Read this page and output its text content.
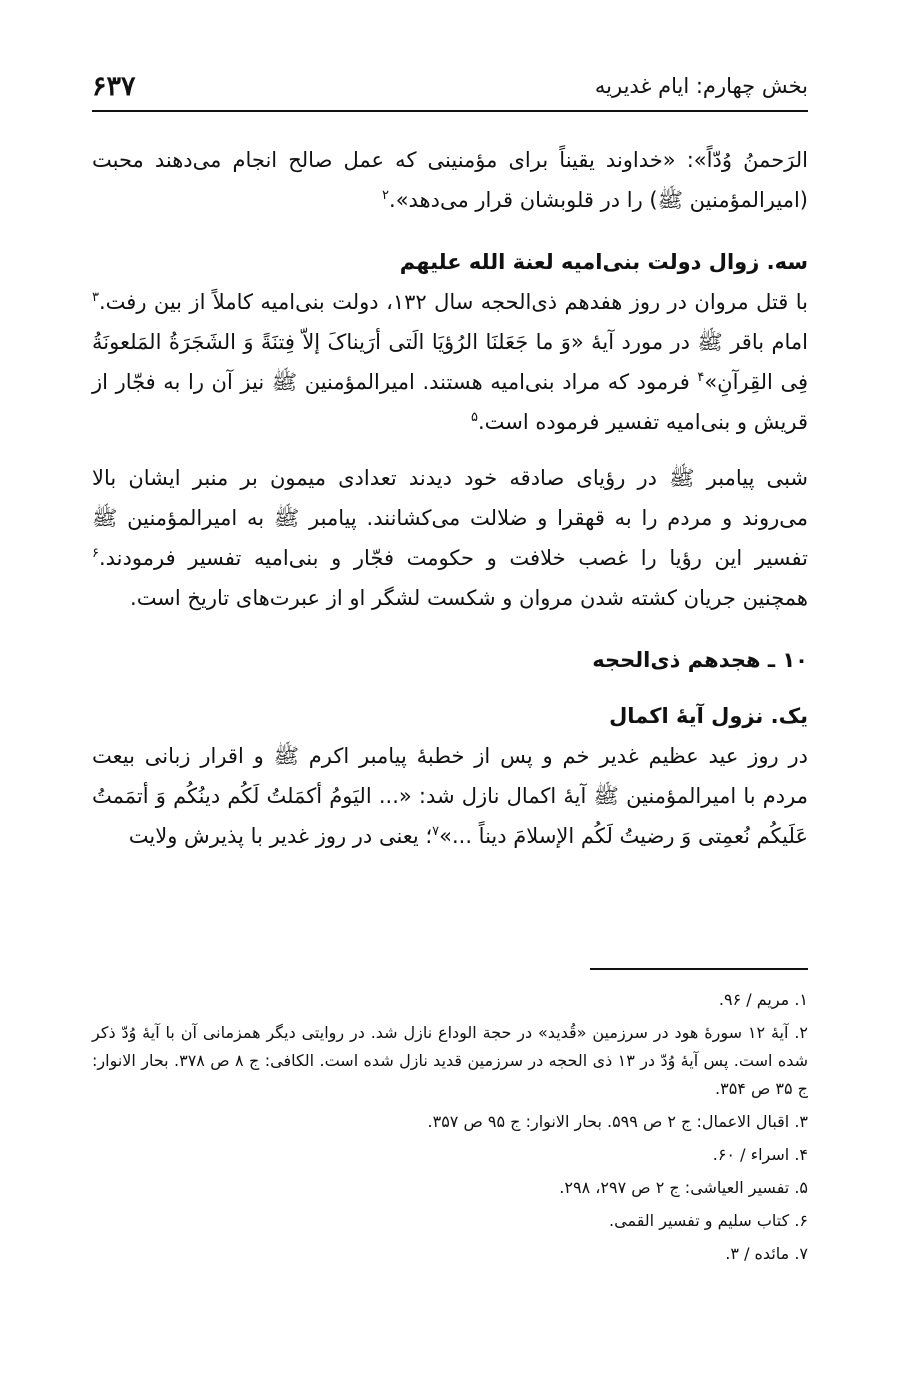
بخش چهارم: ایام غدیریه
۶۳۷

الرَحمنُ وُدّاً»: «خداوند یقیناً برای مؤمنینی که عمل صالح انجام می‌دهند محبت (امیرالمؤمنین ﷺ) را در قلوبشان قرار می‌دهد».$^۲$

سه. زوال دولت بنی‌امیه لعنة الله علیهم

با قتل مروان در روز هفدهم ذی‌الحجه سال ۱۳۲، دولت بنی‌امیه کاملاً از بین رفت.$^۳$ امام باقر ﷺ در مورد آیهٔ «وَ ما جَعَلنَا الرُؤیَا الَتی أرَیناکَ إلاّ فِتنَةً وَ الشَجَرَةُ المَلعونَةُ فِی القِرآنِ»$^۴$ فرمود که مراد بنی‌امیه هستند. امیرالمؤمنین ﷺ نیز آن را به فجّار از قریش و بنی‌امیه تفسیر فرموده است.$^۵$

شبی پیامبر ﷺ در رؤیای صادقه خود دیدند تعدادی میمون بر منبر ایشان بالا می‌روند و مردم را به قهقرا و ضلالت می‌کشانند. پیامبر ﷺ به امیرالمؤمنین ﷺ تفسیر این رؤیا را غصب خلافت و حکومت فجّار و بنی‌امیه تفسیر فرمودند.$^۶$ همچنین جریان کشته شدن مروان و شکست لشگر او از عبرت‌های تاریخ است.

۱۰ ـ هجدهم ذی‌الحجه
یک. نزول آیهٔ اکمال

در روز عید عظیم غدیر خم و پس از خطبهٔ پیامبر اکرم ﷺ و اقرار زبانی بیعت مردم با امیرالمؤمنین ﷺ آیهٔ اکمال نازل شد: «... الیَومُ أکمَلتُ لَکُم دینُکُم وَ أتمَمتُ عَلَیکُم نُعمِتی وَ رضیتُ لَکُم الإسلامَ دیناً ...»$^۷$؛ یعنی در روز غدیر با پذیرش ولایت

۱. مریم / ۹۶.

۲. آیهٔ ۱۲ سورهٔ هود در سرزمین «قُدید» در حجة الوداع نازل شد. در روایتی دیگر همزمانی آن با آیهٔ وُدّ ذکر شده است. پس آیهٔ وُدّ در ۱۳ ذی الحجه در سرزمین قدید نازل شده است. الکافی: ج ۸ ص ۳۷۸. بحار الانوار: ج ۳۵ ص ۳۵۴.

۳. اقبال الاعمال: ج ۲ ص ۵۹۹. بحار الانوار: ج ۹۵ ص ۳۵۷.

۴. اسراء / ۶۰.

۵. تفسیر العیاشی: ج ۲ ص ۲۹۷، ۲۹۸.

۶. کتاب سلیم و تفسیر القمی.

۷. مائده / ۳.
